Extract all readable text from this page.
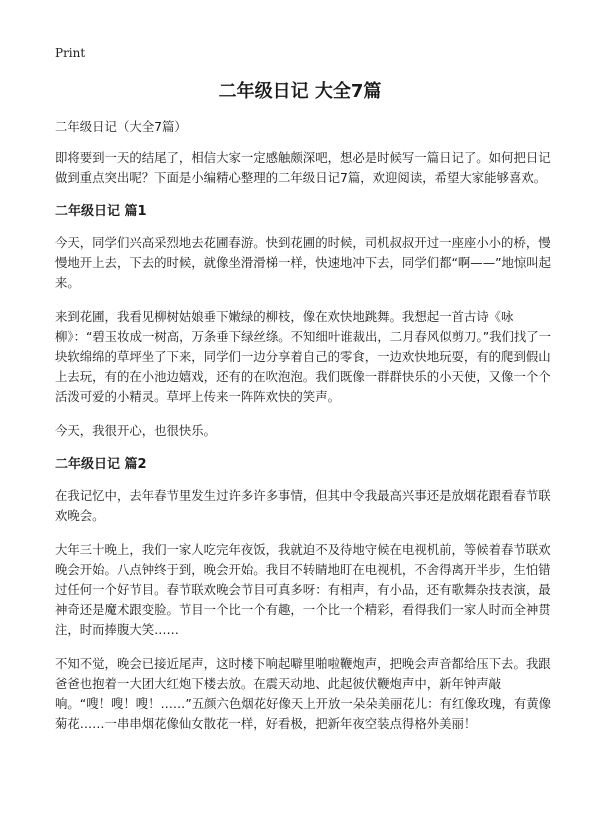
Print
二年级日记 大全7篇

二年级日记（大全7篇）

即将要到一天的结尾了，相信大家一定感触颇深吧，想必是时候写一篇日记了。如何把日记做到重点突出呢？下面是小编精心整理的二年级日记7篇，欢迎阅读，希望大家能够喜欢。

二年级日记 篇1

今天，同学们兴高采烈地去花圃春游。快到花圃的时候，司机叔叔开过一座座小小的桥，慢慢地开上去，下去的时候，就像坐滑滑梯一样，快速地冲下去，同学们都“啊——”地惊叫起来。

来到花圃，我看见柳树姑娘垂下嫩绿的柳枝，像在欢快地跳舞。我想起一首古诗《咏柳》：“碧玉妆成一树高，万条垂下绿丝绦。不知细叶谁裁出，二月春风似剪刀。”我们找了一块软绵绵的草坪坐了下来，同学们一边分享着自己的零食，一边欢快地玩耍，有的爬到假山上去玩，有的在小池边嬉戏，还有的在吹泡泡。我们既像一群群快乐的小天使，又像一个个活泼可爱的小精灵。草坪上传来一阵阵欢快的笑声。

今天，我很开心，也很快乐。

二年级日记 篇2

在我记忆中，去年春节里发生过许多许多事情，但其中令我最高兴事还是放烟花跟看春节联欢晚会。

大年三十晚上，我们一家人吃完年夜饭，我就迫不及待地守候在电视机前，等候着春节联欢晚会开始。八点钟终于到，晚会开始。我目不转睛地盯在电视机，不舍得离开半步，生怕错过任何一个好节目。春节联欢晚会节目可真多呀：有相声，有小品，还有歌舞杂技表演，最神奇还是魔术跟变脸。节目一个比一个有趣，一个比一个精彩，看得我们一家人时而全神贯注，时而捧腹大笑……

不知不觉，晚会已接近尾声，这时楼下响起噼里啪啦鞭炮声，把晚会声音都给压下去。我跟爸爸也抱着一大团大红炮下楼去放。在震天动地、此起彼伏鞭炮声中，新年钟声敲响。“嗖！嗖！嗖！……”五颜六色烟花好像天上开放一朵朵美丽花儿：有红像玫瑰，有黄像菊花……一串串烟花像仙女散花一样，好看极，把新年夜空装点得格外美丽！
